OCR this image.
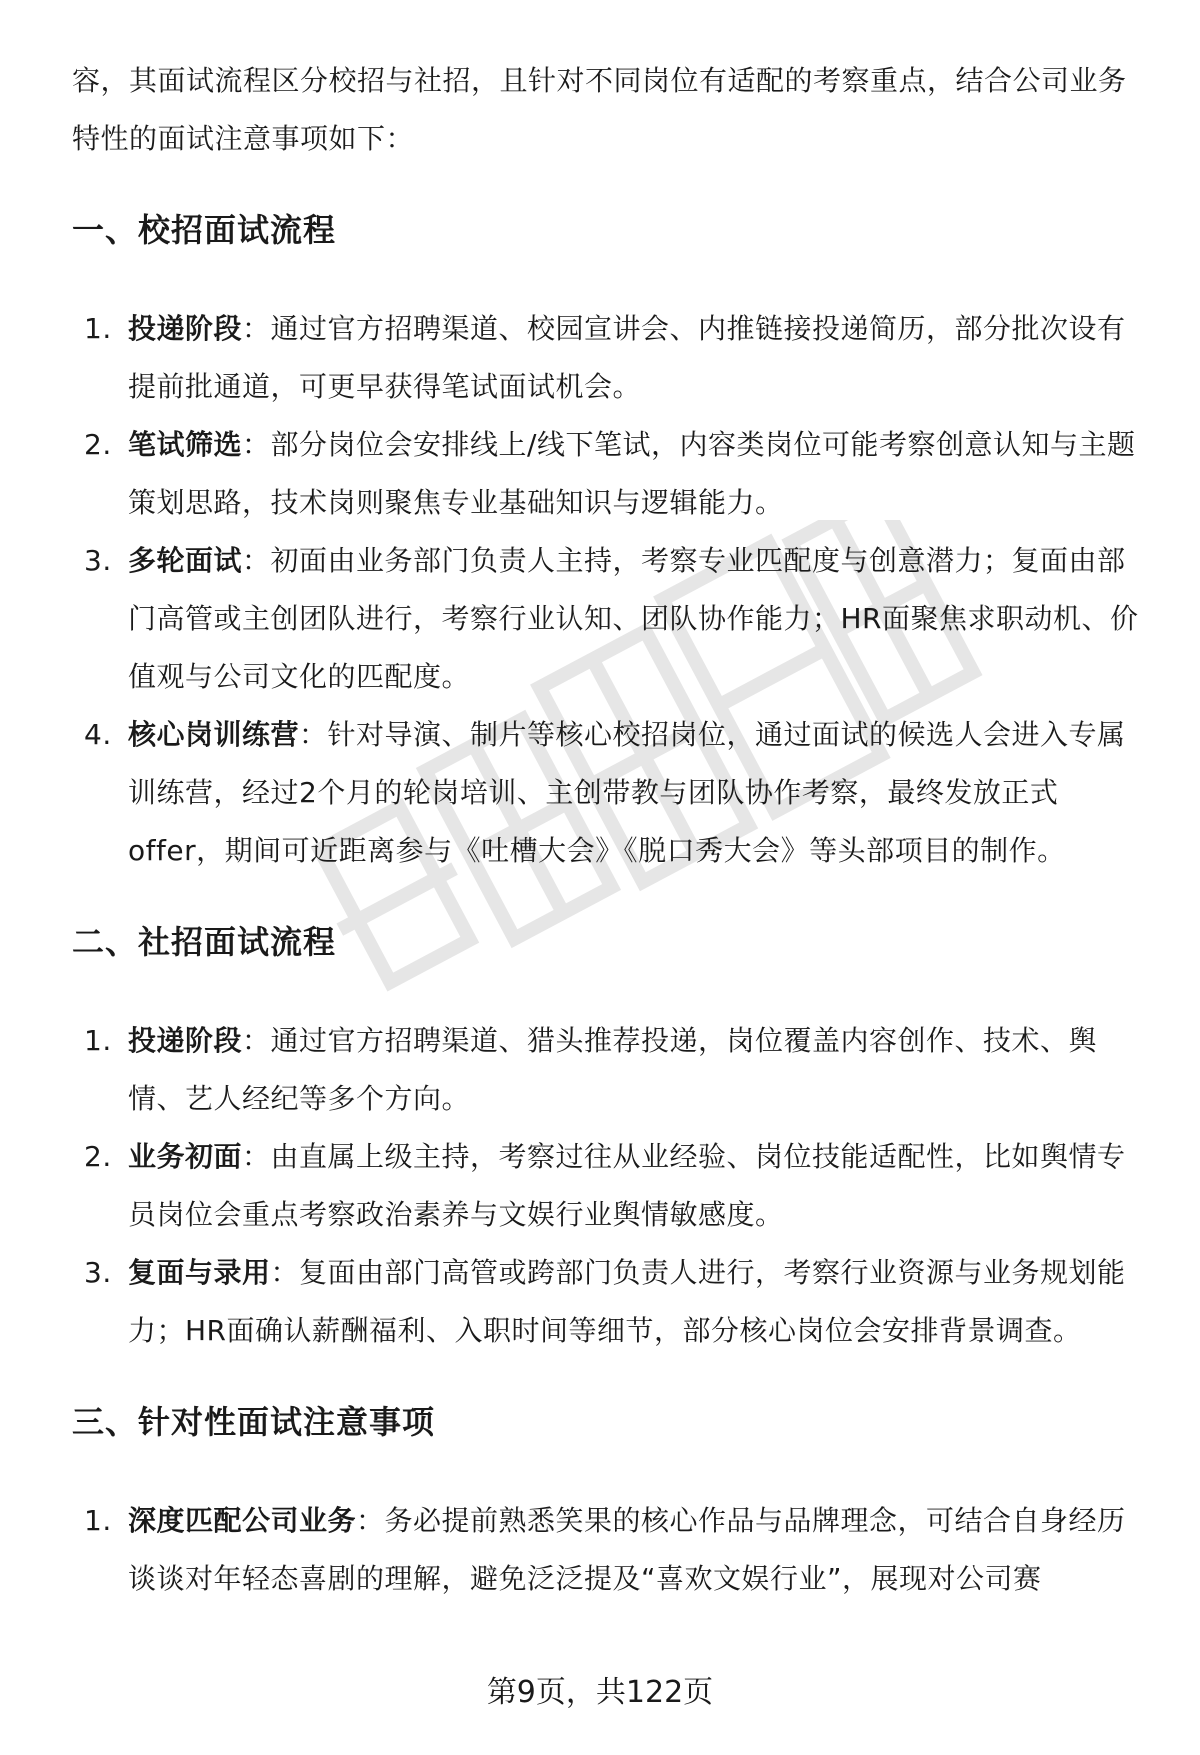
容，其面试流程区分校招与社招，且针对不同岗位有适配的考察重点，结合公司业务特性的面试注意事项如下：

一、校招面试流程
1. 投递阶段：通过官方招聘渠道、校园宣讲会、内推链接投递简历，部分批次设有提前批通道，可更早获得笔试面试机会。
2. 笔试筛选：部分岗位会安排线上/线下笔试，内容类岗位可能考察创意认知与主题策划思路，技术岗则聚焦专业基础知识与逻辑能力。
3. 多轮面试：初面由业务部门负责人主持，考察专业匹配度与创意潜力；复面由部门高管或主创团队进行，考察行业认知、团队协作能力；HR面聚焦求职动机、价值观与公司文化的匹配度。
4. 核心岗训练营：针对导演、制片等核心校招岗位，通过面试的候选人会进入专属训练营，经过2个月的轮岗培训、主创带教与团队协作考察，最终发放正式offer，期间可近距离参与《吐槽大会》《脱口秀大会》等头部项目的制作。
二、社招面试流程
1. 投递阶段：通过官方招聘渠道、猎头推荐投递，岗位覆盖内容创作、技术、舆情、艺人经纪等多个方向。
2. 业务初面：由直属上级主持，考察过往从业经验、岗位技能适配性，比如舆情专员岗位会重点考察政治素养与文娱行业舆情敏感度。
3. 复面与录用：复面由部门高管或跨部门负责人进行，考察行业资源与业务规划能力；HR面确认薪酬福利、入职时间等细节，部分核心岗位会安排背景调查。
三、针对性面试注意事项
1. 深度匹配公司业务：务必提前熟悉笑果的核心作品与品牌理念，可结合自身经历谈谈对年轻态喜剧的理解，避免泛泛提及“喜欢文娱行业”，展现对公司赛
第9页，共122页
